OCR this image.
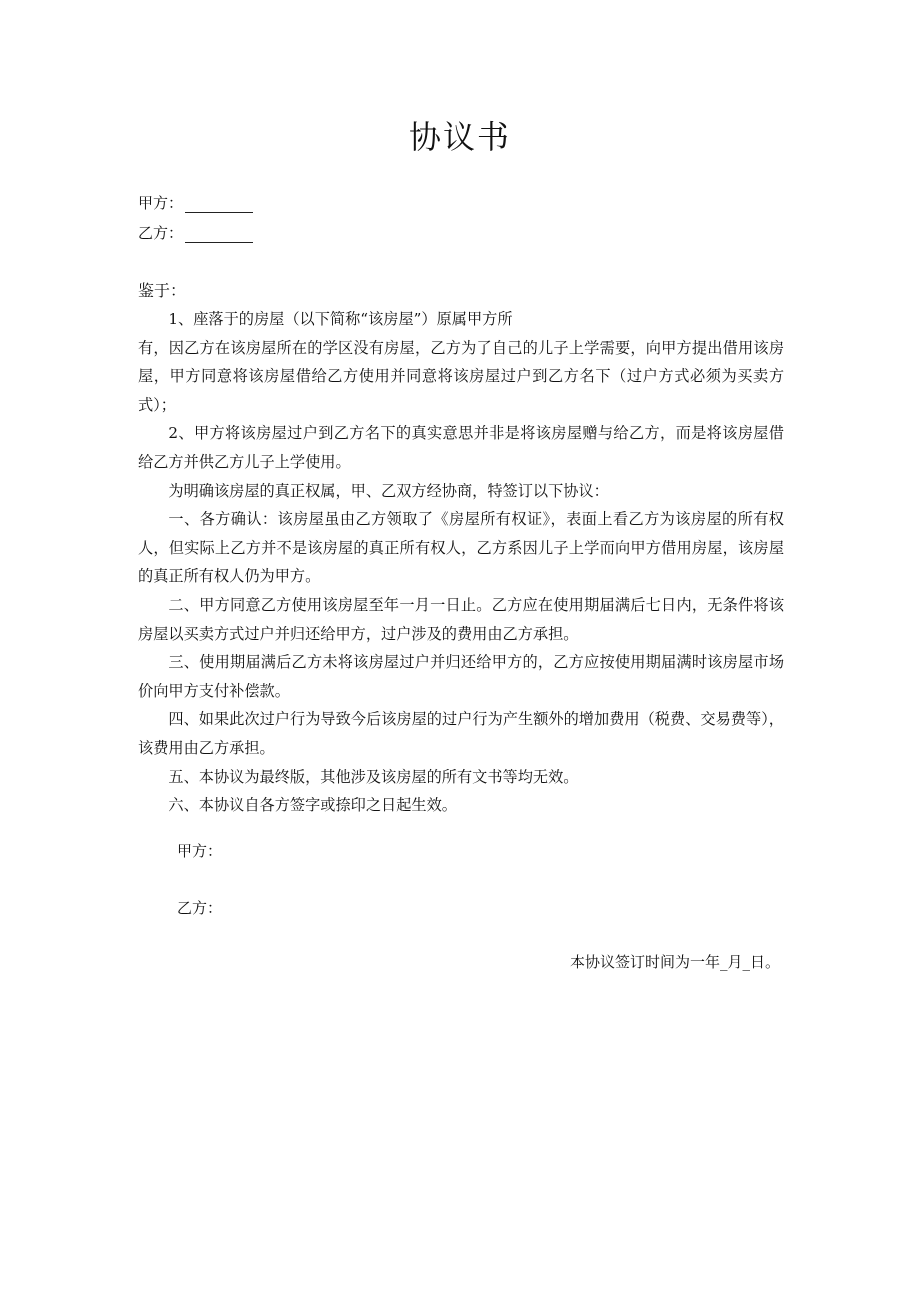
协议书
甲方：
乙方：
鉴于：

1、座落于的房屋（以下简称“该房屋”）原属甲方所

有，因乙方在该房屋所在的学区没有房屋，乙方为了自己的儿子上学需要，向甲方提出借用该房屋，甲方同意将该房屋借给乙方使用并同意将该房屋过户到乙方名下（过户方式必须为买卖方式）；

2、甲方将该房屋过户到乙方名下的真实意思并非是将该房屋赠与给乙方，而是将该房屋借给乙方并供乙方儿子上学使用。

为明确该房屋的真正权属，甲、乙双方经协商，特签订以下协议：

一、各方确认：该房屋虽由乙方领取了《房屋所有权证》，表面上看乙方为该房屋的所有权人，但实际上乙方并不是该房屋的真正所有权人，乙方系因儿子上学而向甲方借用房屋，该房屋的真正所有权人仍为甲方。

二、甲方同意乙方使用该房屋至年一月一日止。乙方应在使用期届满后七日内，无条件将该房屋以买卖方式过户并归还给甲方，过户涉及的费用由乙方承担。

三、使用期届满后乙方未将该房屋过户并归还给甲方的，乙方应按使用期届满时该房屋市场价向甲方支付补偿款。

四、如果此次过户行为导致今后该房屋的过户行为产生额外的增加费用（税费、交易费等），该费用由乙方承担。

五、本协议为最终版，其他涉及该房屋的所有文书等均无效。

六、本协议自各方签字或捺印之日起生效。

甲方：
乙方：
本协议签订时间为一年_月_日。
